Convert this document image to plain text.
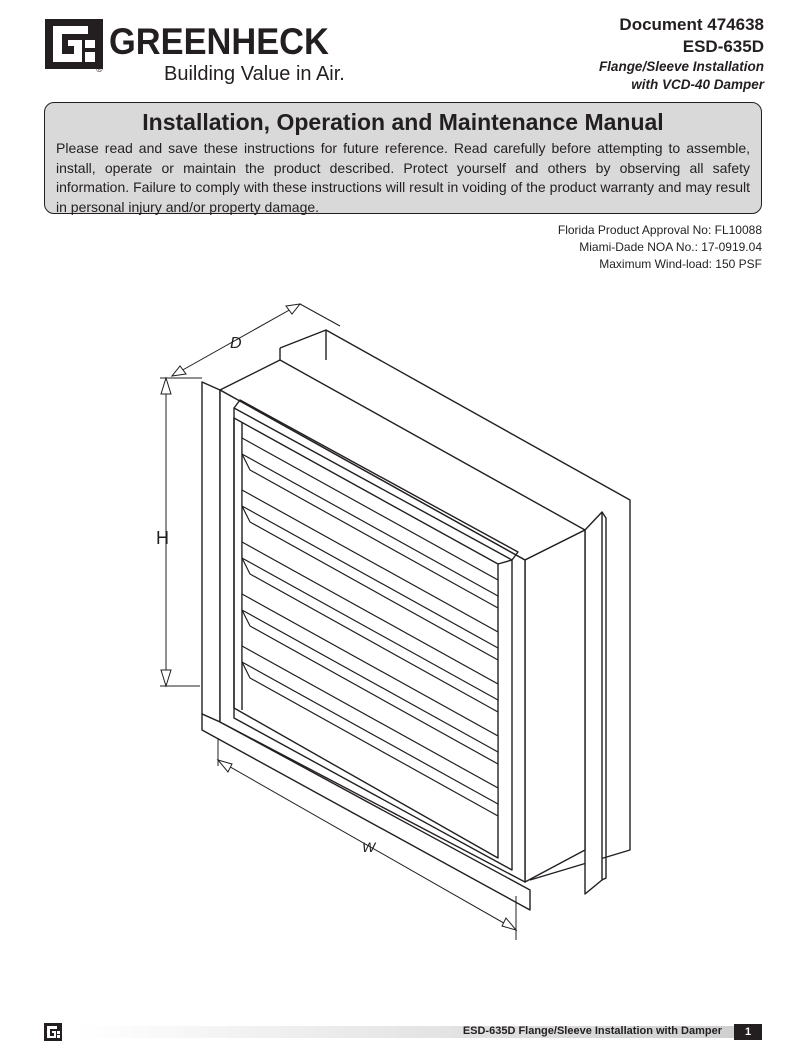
GREENHECK
®	Building Value in Air.
Document 474638
ESD-635D
Flange/Sleeve Installation
with VCD-40 Damper
Installation, Operation and Maintenance Manual
Please read and save these instructions for future reference. Read carefully before attempting to assemble, install, operate or maintain the product described. Protect yourself and others by observing all safety information. Failure to comply with these instructions will result in voiding of the product warranty and may result in personal injury and/or property damage.
Florida Product Approval No: FL10088
Miami-Dade NOA No.: 17-0919.04
Maximum Wind-load: 150 PSF
D
H
W
ESD-635D Flange/Sleeve Installation with Damper	1
